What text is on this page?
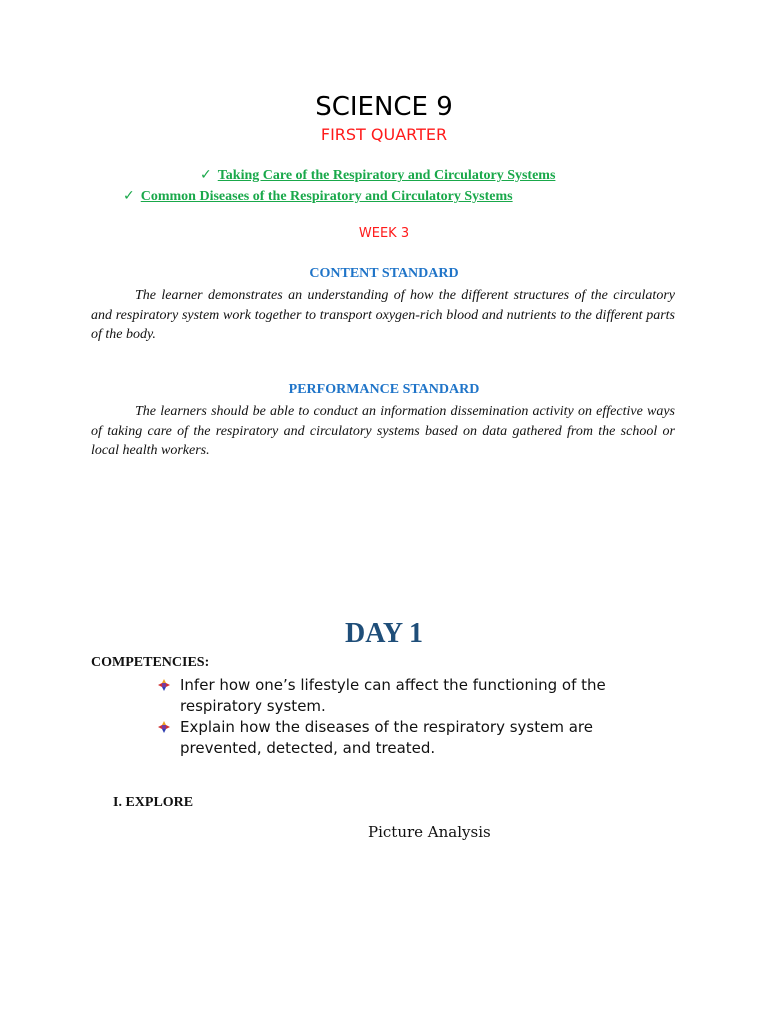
SCIENCE 9
FIRST QUARTER
✓ Taking Care of the Respiratory and Circulatory Systems
✓ Common Diseases of the Respiratory and Circulatory Systems
WEEK 3
CONTENT STANDARD
The learner demonstrates an understanding of how the different structures of the circulatory and respiratory system work together to transport oxygen-rich blood and nutrients to the different parts of the body.
PERFORMANCE STANDARD
The learners should be able to conduct an information dissemination activity on effective ways of taking care of the respiratory and circulatory systems based on data gathered from the school or local health workers.
DAY 1
COMPETENCIES:
Infer how one’s lifestyle can affect the functioning of the respiratory system.
Explain how the diseases of the respiratory system are prevented, detected, and treated.
I. EXPLORE
Picture Analysis
